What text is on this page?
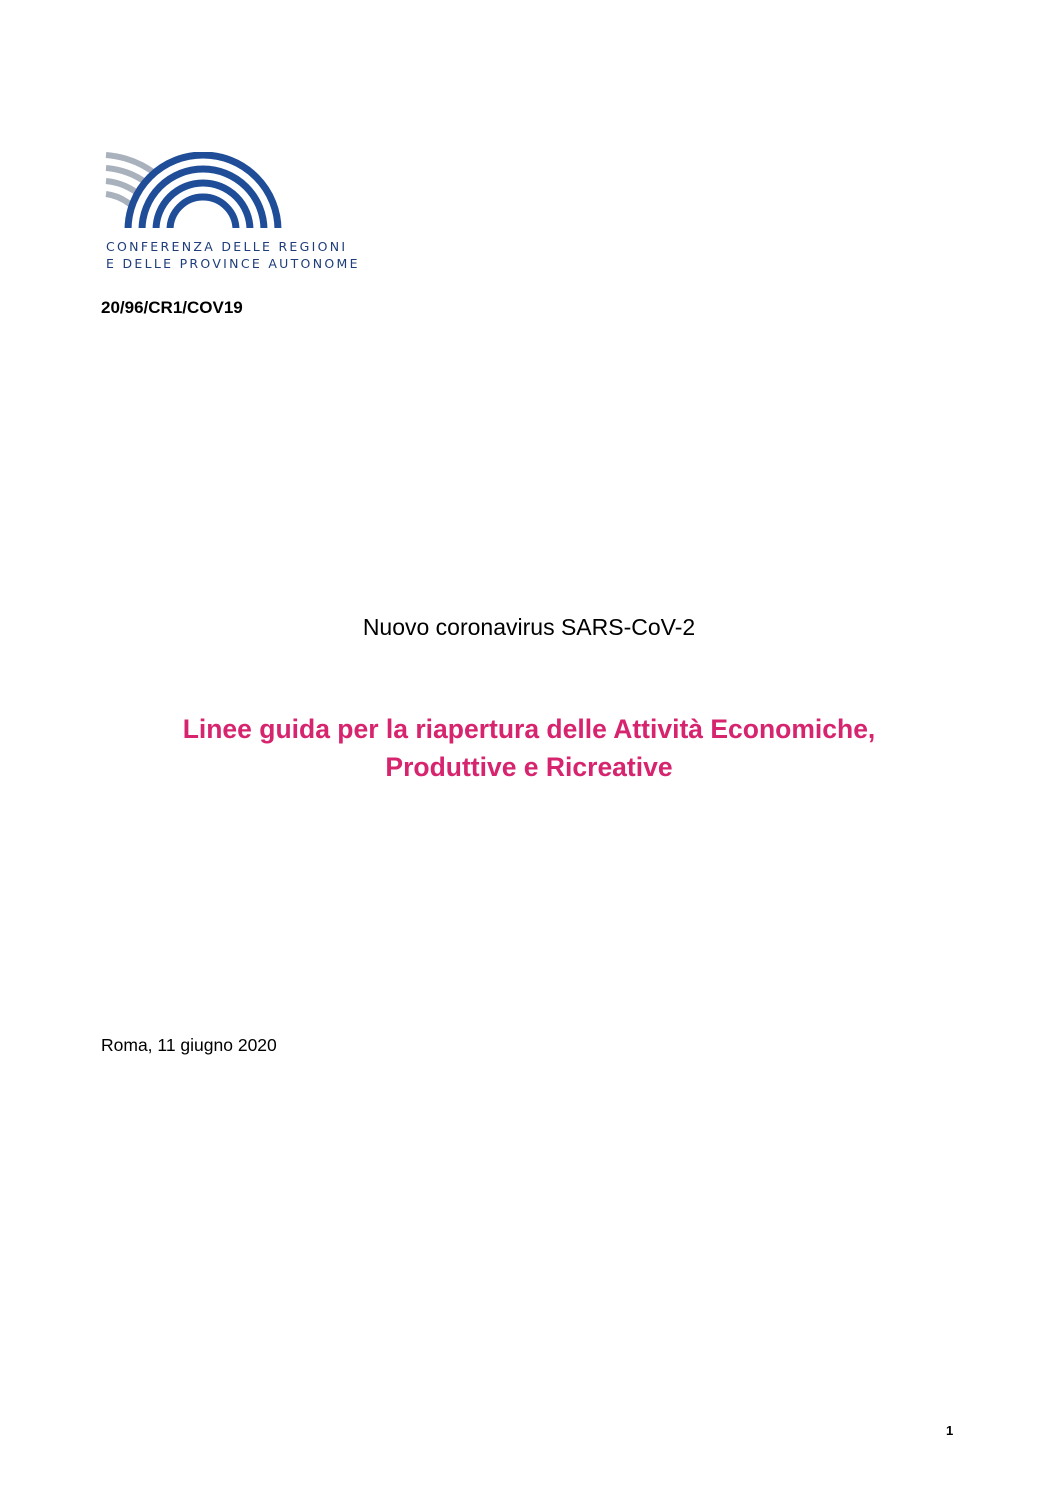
CONFERENZA DELLE REGIONI
E DELLE PROVINCE AUTONOME
20/96/CR1/COV19
Nuovo coronavirus SARS-CoV-2
Linee guida per la riapertura delle Attività Economiche,
Produttive e Ricreative
Roma, 11 giugno 2020
1
